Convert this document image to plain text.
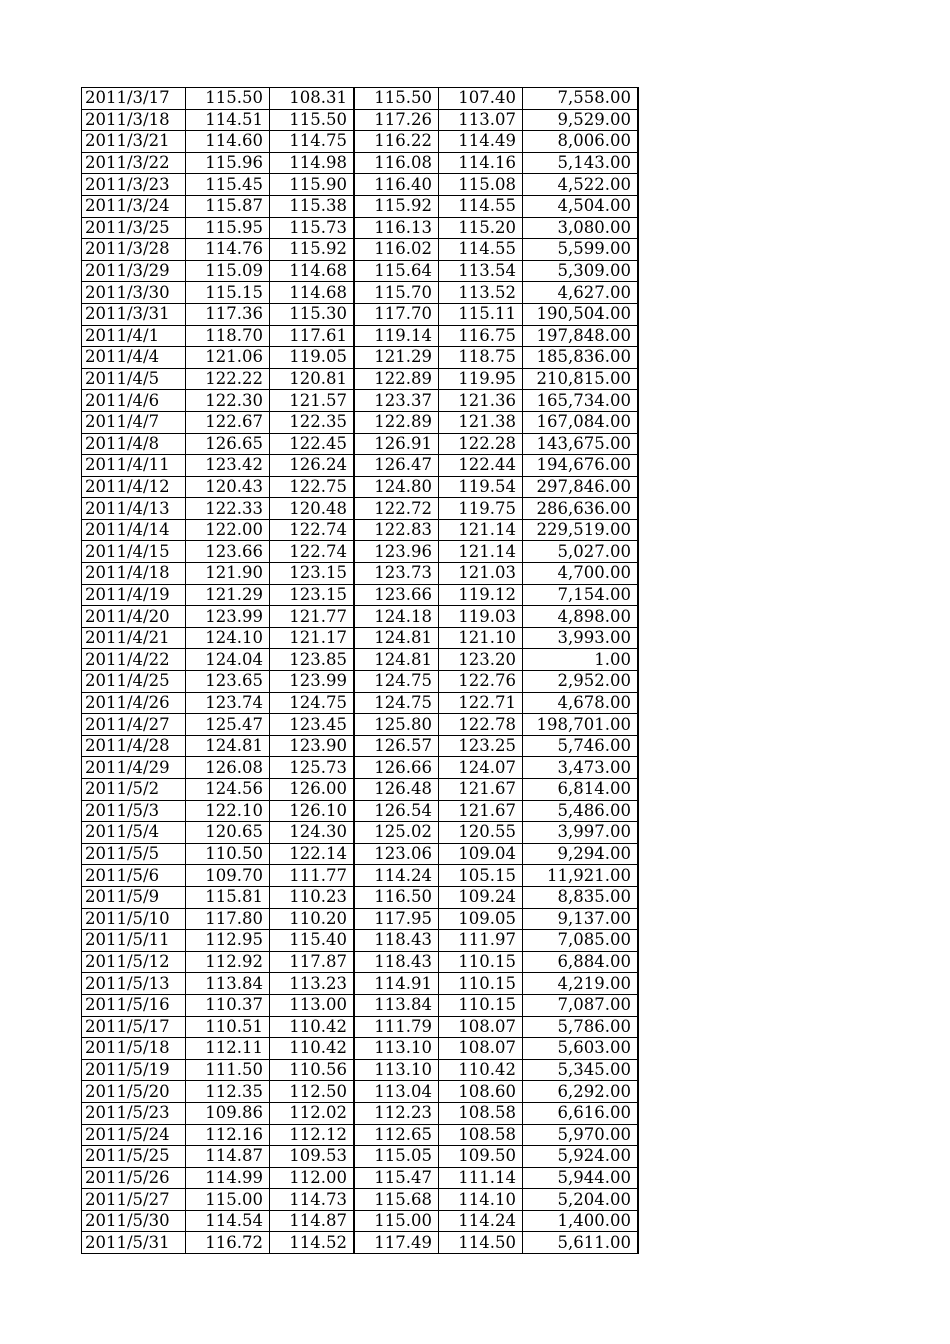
2011/3/17	115.50	108.31	115.50	107.40	7,558.00
2011/3/18	114.51	115.50	117.26	113.07	9,529.00
2011/3/21	114.60	114.75	116.22	114.49	8,006.00
2011/3/22	115.96	114.98	116.08	114.16	5,143.00
2011/3/23	115.45	115.90	116.40	115.08	4,522.00
2011/3/24	115.87	115.38	115.92	114.55	4,504.00
2011/3/25	115.95	115.73	116.13	115.20	3,080.00
2011/3/28	114.76	115.92	116.02	114.55	5,599.00
2011/3/29	115.09	114.68	115.64	113.54	5,309.00
2011/3/30	115.15	114.68	115.70	113.52	4,627.00
2011/3/31	117.36	115.30	117.70	115.11	190,504.00
2011/4/1	118.70	117.61	119.14	116.75	197,848.00
2011/4/4	121.06	119.05	121.29	118.75	185,836.00
2011/4/5	122.22	120.81	122.89	119.95	210,815.00
2011/4/6	122.30	121.57	123.37	121.36	165,734.00
2011/4/7	122.67	122.35	122.89	121.38	167,084.00
2011/4/8	126.65	122.45	126.91	122.28	143,675.00
2011/4/11	123.42	126.24	126.47	122.44	194,676.00
2011/4/12	120.43	122.75	124.80	119.54	297,846.00
2011/4/13	122.33	120.48	122.72	119.75	286,636.00
2011/4/14	122.00	122.74	122.83	121.14	229,519.00
2011/4/15	123.66	122.74	123.96	121.14	5,027.00
2011/4/18	121.90	123.15	123.73	121.03	4,700.00
2011/4/19	121.29	123.15	123.66	119.12	7,154.00
2011/4/20	123.99	121.77	124.18	119.03	4,898.00
2011/4/21	124.10	121.17	124.81	121.10	3,993.00
2011/4/22	124.04	123.85	124.81	123.20	1.00
2011/4/25	123.65	123.99	124.75	122.76	2,952.00
2011/4/26	123.74	124.75	124.75	122.71	4,678.00
2011/4/27	125.47	123.45	125.80	122.78	198,701.00
2011/4/28	124.81	123.90	126.57	123.25	5,746.00
2011/4/29	126.08	125.73	126.66	124.07	3,473.00
2011/5/2	124.56	126.00	126.48	121.67	6,814.00
2011/5/3	122.10	126.10	126.54	121.67	5,486.00
2011/5/4	120.65	124.30	125.02	120.55	3,997.00
2011/5/5	110.50	122.14	123.06	109.04	9,294.00
2011/5/6	109.70	111.77	114.24	105.15	11,921.00
2011/5/9	115.81	110.23	116.50	109.24	8,835.00
2011/5/10	117.80	110.20	117.95	109.05	9,137.00
2011/5/11	112.95	115.40	118.43	111.97	7,085.00
2011/5/12	112.92	117.87	118.43	110.15	6,884.00
2011/5/13	113.84	113.23	114.91	110.15	4,219.00
2011/5/16	110.37	113.00	113.84	110.15	7,087.00
2011/5/17	110.51	110.42	111.79	108.07	5,786.00
2011/5/18	112.11	110.42	113.10	108.07	5,603.00
2011/5/19	111.50	110.56	113.10	110.42	5,345.00
2011/5/20	112.35	112.50	113.04	108.60	6,292.00
2011/5/23	109.86	112.02	112.23	108.58	6,616.00
2011/5/24	112.16	112.12	112.65	108.58	5,970.00
2011/5/25	114.87	109.53	115.05	109.50	5,924.00
2011/5/26	114.99	112.00	115.47	111.14	5,944.00
2011/5/27	115.00	114.73	115.68	114.10	5,204.00
2011/5/30	114.54	114.87	115.00	114.24	1,400.00
2011/5/31	116.72	114.52	117.49	114.50	5,611.00
